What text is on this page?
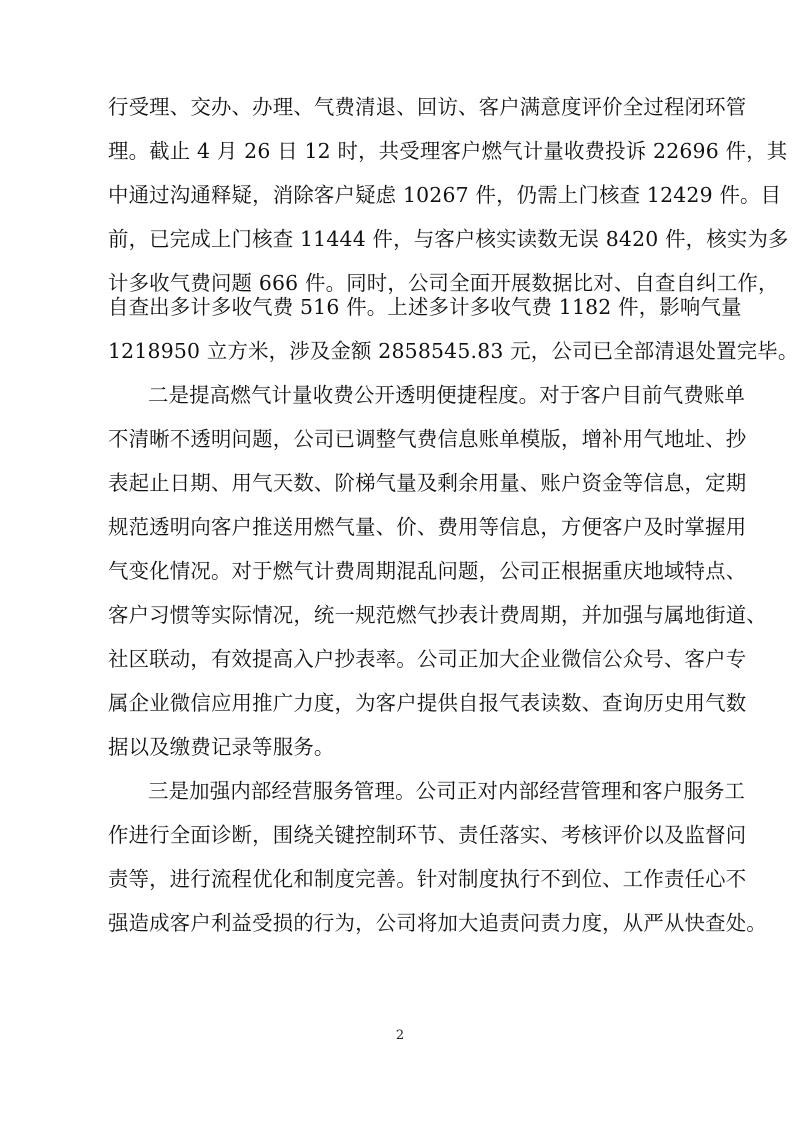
行受理、交办、办理、气费清退、回访、客户满意度评价全过程闭环管
理。截止 4 月 26 日 12 时，共受理客户燃气计量收费投诉 22696 件，其
中通过沟通释疑，消除客户疑虑 10267 件，仍需上门核查 12429 件。目
前，已完成上门核查 11444 件，与客户核实读数无误 8420 件，核实为多
计多收气费问题 666 件。同时，公司全面开展数据比对、自查自纠工作，
自查出多计多收气费 516 件。上述多计多收气费 1182 件，影响气量
1218950 立方米，涉及金额 2858545.83 元，公司已全部清退处置完毕。
二是提高燃气计量收费公开透明便捷程度。对于客户目前气费账单
不清晰不透明问题，公司已调整气费信息账单模版，增补用气地址、抄
表起止日期、用气天数、阶梯气量及剩余用量、账户资金等信息，定期
规范透明向客户推送用燃气量、价、费用等信息，方便客户及时掌握用
气变化情况。对于燃气计费周期混乱问题，公司正根据重庆地域特点、
客户习惯等实际情况，统一规范燃气抄表计费周期，并加强与属地街道、
社区联动，有效提高入户抄表率。公司正加大企业微信公众号、客户专
属企业微信应用推广力度，为客户提供自报气表读数、查询历史用气数
据以及缴费记录等服务。
三是加强内部经营服务管理。公司正对内部经营管理和客户服务工
作进行全面诊断，围绕关键控制环节、责任落实、考核评价以及监督问
责等，进行流程优化和制度完善。针对制度执行不到位、工作责任心不
强造成客户利益受损的行为，公司将加大追责问责力度，从严从快查处。
2
